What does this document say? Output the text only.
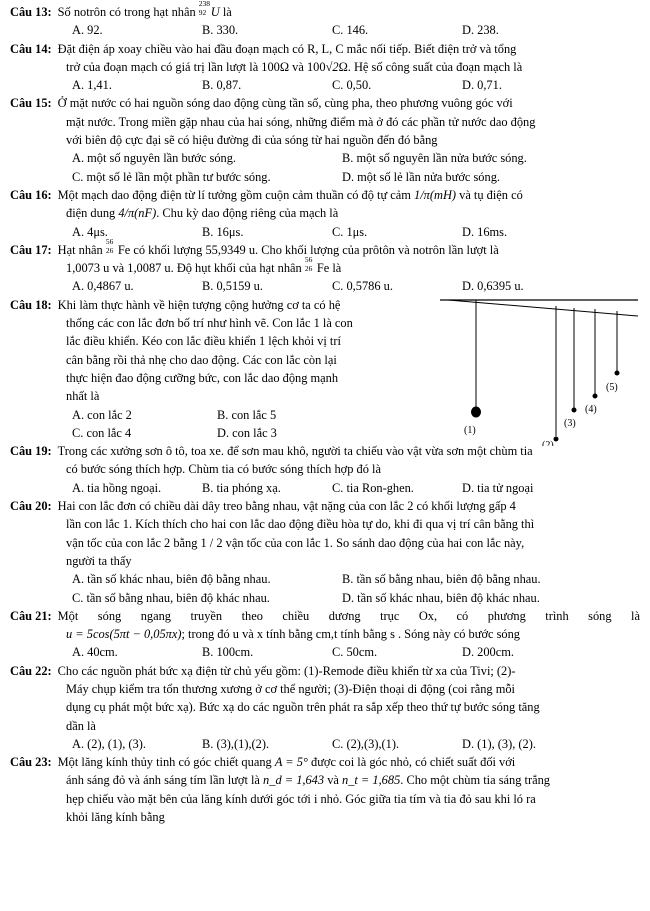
Câu 13: Số notrôn có trong hạt nhân
238
92 U là
A. 92.	B. 330.	C. 146.	D. 238.
Câu 14: Đặt điện áp xoay chiều vào hai đầu đoạn mạch có R, L, C mắc nối tiếp. Biết điện trở và tổng
trở của đoạn mạch có giá trị lần lượt là 100Ω và 100√2Ω. Hệ số công suất của đoạn mạch là
A. 1,41.	B. 0,87.	C. 0,50.	D. 0,71.
Câu 15: Ở mặt nước có hai nguồn sóng dao động cùng tần số, cùng pha, theo phương vuông góc với
mặt nước. Trong miền gặp nhau của hai sóng, những điểm mà ở đó các phần tử nước dao động
với biên độ cực đại sẽ có hiệu đường đi của sóng từ hai nguồn đến đó bằng
A. một số nguyên lần bước sóng.	B. một số nguyên lần nửa bước sóng.
C. một số lẻ lần một phần tư bước sóng.	D. một số lẻ lần nửa bước sóng.
Câu 16: Một mạch dao động điện từ lí tưởng gồm cuộn cảm thuần có độ tự cảm 1/π(mH) và tụ điện có
điện dung 4/π(nF). Chu kỳ dao động riêng của mạch là
A. 4μs.	B. 16μs.	C. 1μs.	D. 16ms.
Câu 17: Hạt nhân
56
26 Fe có khối lượng 55,9349 u. Cho khối lượng của prôtôn và notrôn lần lượt là
1,0073 u và 1,0087 u. Độ hụt khối của hạt nhân
56
26 Fe là
A. 0,4867 u.	B. 0,5159 u.	C. 0,5786 u.	D. 0,6395 u.
Câu 18: Khi làm thực hành về hiện tượng cộng hưởng cơ ta có hệ
thống các con lắc đơn bố trí như hình vẽ. Con lắc 1 là con
lắc điều khiển. Kéo con lắc điều khiển 1 lệch khỏi vị trí
cân bằng rồi thả nhẹ cho dao động. Các con lắc còn lại
thực hiện đao động cưỡng bức, con lắc dao động mạnh
nhất là
A. con lắc 2	B. con lắc 5
C. con lắc 4	D. con lắc 3	(1)
(2)
(3)
(4)
(5)
Câu 19: Trong các xưởng sơn ô tô, toa xe. để sơn mau khô, người ta chiếu vào vật vừa sơn một chùm tia
có bước sóng thích hợp. Chùm tia có bước sóng thích hợp đó là
A. tia hồng ngoại.	B. tia phóng xạ.	C. tia Ron-ghen.	D. tia tử ngoại
Câu 20: Hai con lắc đơn có chiều dài dây treo bằng nhau, vật nặng của con lắc 2 có khối lượng gấp 4
lần con lắc 1. Kích thích cho hai con lắc dao động điều hòa tự do, khi đi qua vị trí cân bằng thì
vận tốc của con lắc 2 bằng 1 / 2 vận tốc của con lắc 1. So sánh dao động của hai con lắc này,
người ta thấy
A. tần số khác nhau, biên độ bằng nhau.	B. tần số bằng nhau, biên độ bằng nhau.
C. tần số bằng nhau, biên độ khác nhau.	D. tần số khác nhau, biên độ khác nhau.
Câu 21: Một sóng ngang truyền theo chiều dương trục Ox, có phương trình sóng là
u = 5cos(5πt − 0,05πx); trong đó u và x tính bằng cm,t tính bằng s . Sóng này có bước sóng
A. 40cm.	B. 100cm.	C. 50cm.	D. 200cm.
Câu 22: Cho các nguồn phát bức xạ điện từ chủ yếu gồm: (1)-Remode điều khiển từ xa của Tivi; (2)-
Máy chụp kiểm tra tổn thương xương ở cơ thể người; (3)-Điện thoại di động (coi rằng mỗi
dụng cụ phát một bức xạ). Bức xạ do các nguồn trên phát ra sắp xếp theo thứ tự bước sóng tăng
dần là
A. (2), (1), (3).	B. (3),(1),(2).	C. (2),(3),(1).	D. (1), (3), (2).
Câu 23: Một lăng kính thủy tinh có góc chiết quang A = 5° được coi là góc nhỏ, có chiết suất đối với
ánh sáng đỏ và ánh sáng tím lần lượt là n_d = 1,643 và n_t = 1,685. Cho một chùm tia sáng trắng
hẹp chiếu vào mặt bên của lăng kính dưới góc tới i nhỏ. Góc giữa tia tím và tia đỏ sau khi ló ra
khỏi lăng kính bằng
